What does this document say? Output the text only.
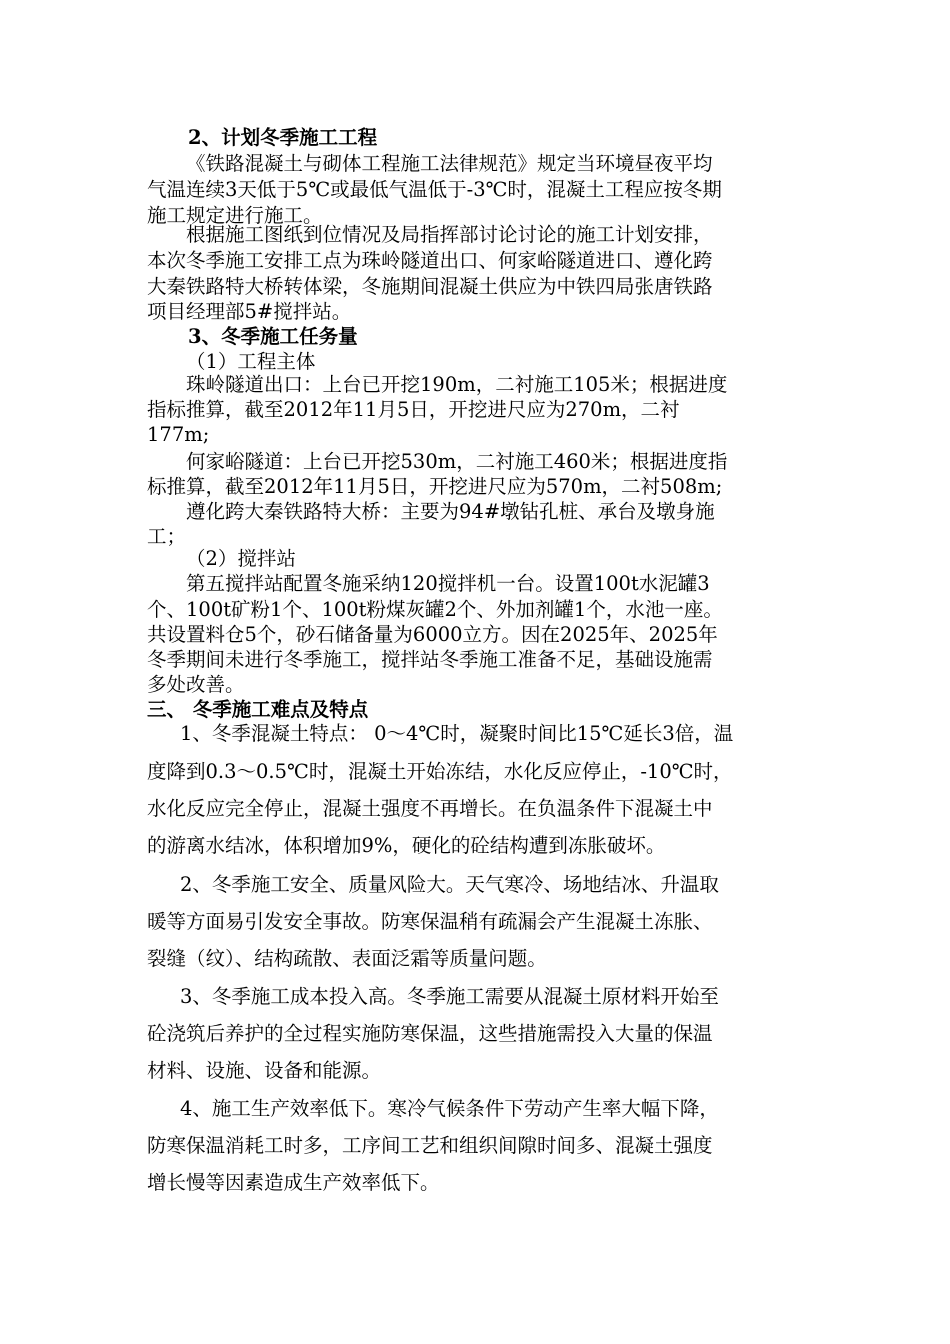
2、计划冬季施工工程
《铁路混凝土与砌体工程施工法律规范》规定当环境昼夜平均
气温连续3天低于5℃或最低气温低于-3℃时，混凝土工程应按冬期
施工规定进行施工。
根据施工图纸到位情况及局指挥部讨论讨论的施工计划安排，
本次冬季施工安排工点为珠岭隧道出口、何家峪隧道进口、遵化跨
大秦铁路特大桥转体梁，冬施期间混凝土供应为中铁四局张唐铁路
项目经理部5#搅拌站。
3、冬季施工任务量
（1）工程主体
珠岭隧道出口：上台已开挖190m，二衬施工105米；根据进度
指标推算，截至2012年11月5日，开挖进尺应为270m，二衬
177m;
何家峪隧道：上台已开挖530m，二衬施工460米；根据进度指
标推算，截至2012年11月5日，开挖进尺应为570m，二衬508m;
遵化跨大秦铁路特大桥：主要为94#墩钻孔桩、承台及墩身施
工；
（2）搅拌站
第五搅拌站配置冬施采纳120搅拌机一台。设置100t水泥罐3
个、100t矿粉1个、100t粉煤灰罐2个、外加剂罐1个，水池一座。
共设置料仓5个，砂石储备量为6000立方。因在2025年、2025年
冬季期间未进行冬季施工，搅拌站冬季施工准备不足，基础设施需
多处改善。
三、 冬季施工难点及特点
1、冬季混凝土特点： 0～4℃时，凝聚时间比15℃延长3倍，温
度降到0.3～0.5℃时，混凝土开始冻结，水化反应停止，-10℃时，
水化反应完全停止，混凝土强度不再增长。在负温条件下混凝土中
的游离水结冰，体积增加9%，硬化的砼结构遭到冻胀破坏。
2、冬季施工安全、质量风险大。天气寒冷、场地结冰、升温取
暖等方面易引发安全事故。防寒保温稍有疏漏会产生混凝土冻胀、
裂缝（纹）、结构疏散、表面泛霜等质量问题。
3、冬季施工成本投入高。冬季施工需要从混凝土原材料开始至
砼浇筑后养护的全过程实施防寒保温，这些措施需投入大量的保温
材料、设施、设备和能源。
4、施工生产效率低下。寒冷气候条件下劳动产生率大幅下降，
防寒保温消耗工时多，工序间工艺和组织间隙时间多、混凝土强度
增长慢等因素造成生产效率低下。
